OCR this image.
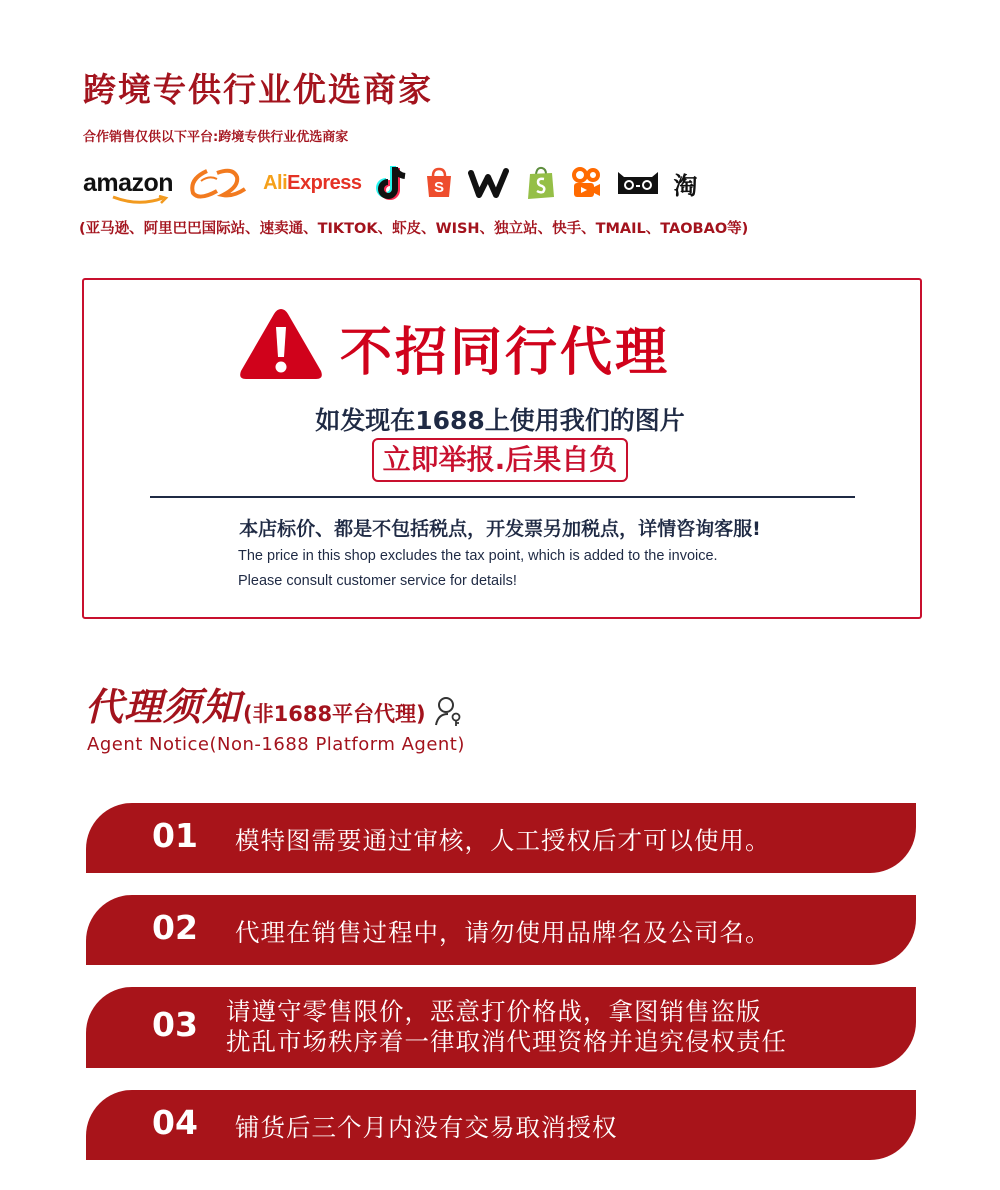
跨境专供行业优选商家
合作销售仅供以下平台:跨境专供行业优选商家
amazon	Ali Express	S	淘
(亚马逊、阿里巴巴国际站、速卖通、TIKTOK、虾皮、WISH、独立站、快手、TMAIL、TAOBAO等)
不招同行代理
如发现在1688上使用我们的图片
立即举报.后果自负
本店标价、都是不包括税点，开发票另加税点，详情咨询客服!
The price in this shop excludes the tax point, which is added to the invoice.
Please consult customer service for details!
代理须知 (非1688平台代理)
Agent Notice(Non-1688 Platform Agent)
01 模特图需要通过审核，人工授权后才可以使用。
02 代理在销售过程中，请勿使用品牌名及公司名。
03 请遵守零售限价，恶意打价格战，拿图销售盗版
扰乱市场秩序着一律取消代理资格并追究侵权责任
04 铺货后三个月内没有交易取消授权
